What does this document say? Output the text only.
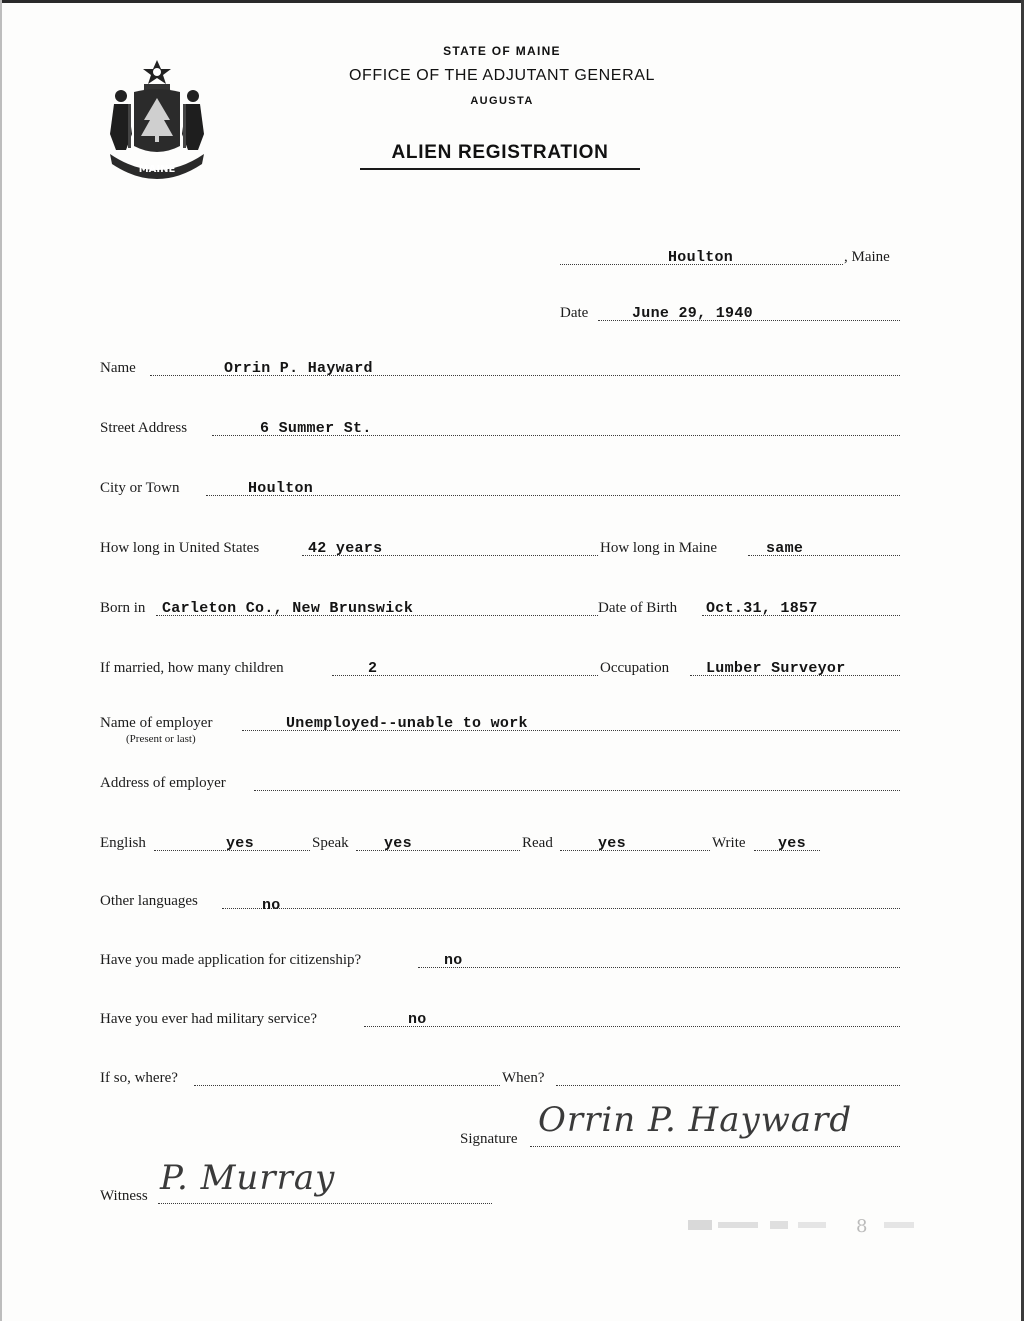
MAINE
STATE OF MAINE
OFFICE OF THE ADJUTANT GENERAL
AUGUSTA
ALIEN REGISTRATION
Houlton	, Maine
Date	June 29, 1940
Name	Orrin P. Hayward
Street Address	6 Summer St.
City or Town	Houlton
How long in United States	42 years	How long in Maine	same
Born in Carleton Co., New Brunswick	Date of Birth Oct.31, 1857
If married, how many children	2	Occupation Lumber Surveyor
Name of employer	Unemployed--unable to work
(Present or last)
Address of employer
English	yes	Speak yes	Read	yes	Write yes
Other languages	no
Have you made application for citizenship?	no
Have you ever had military service?	no
If so, where?	When?
Signature Orrin P. Hayward
Witness P. Murray
8
